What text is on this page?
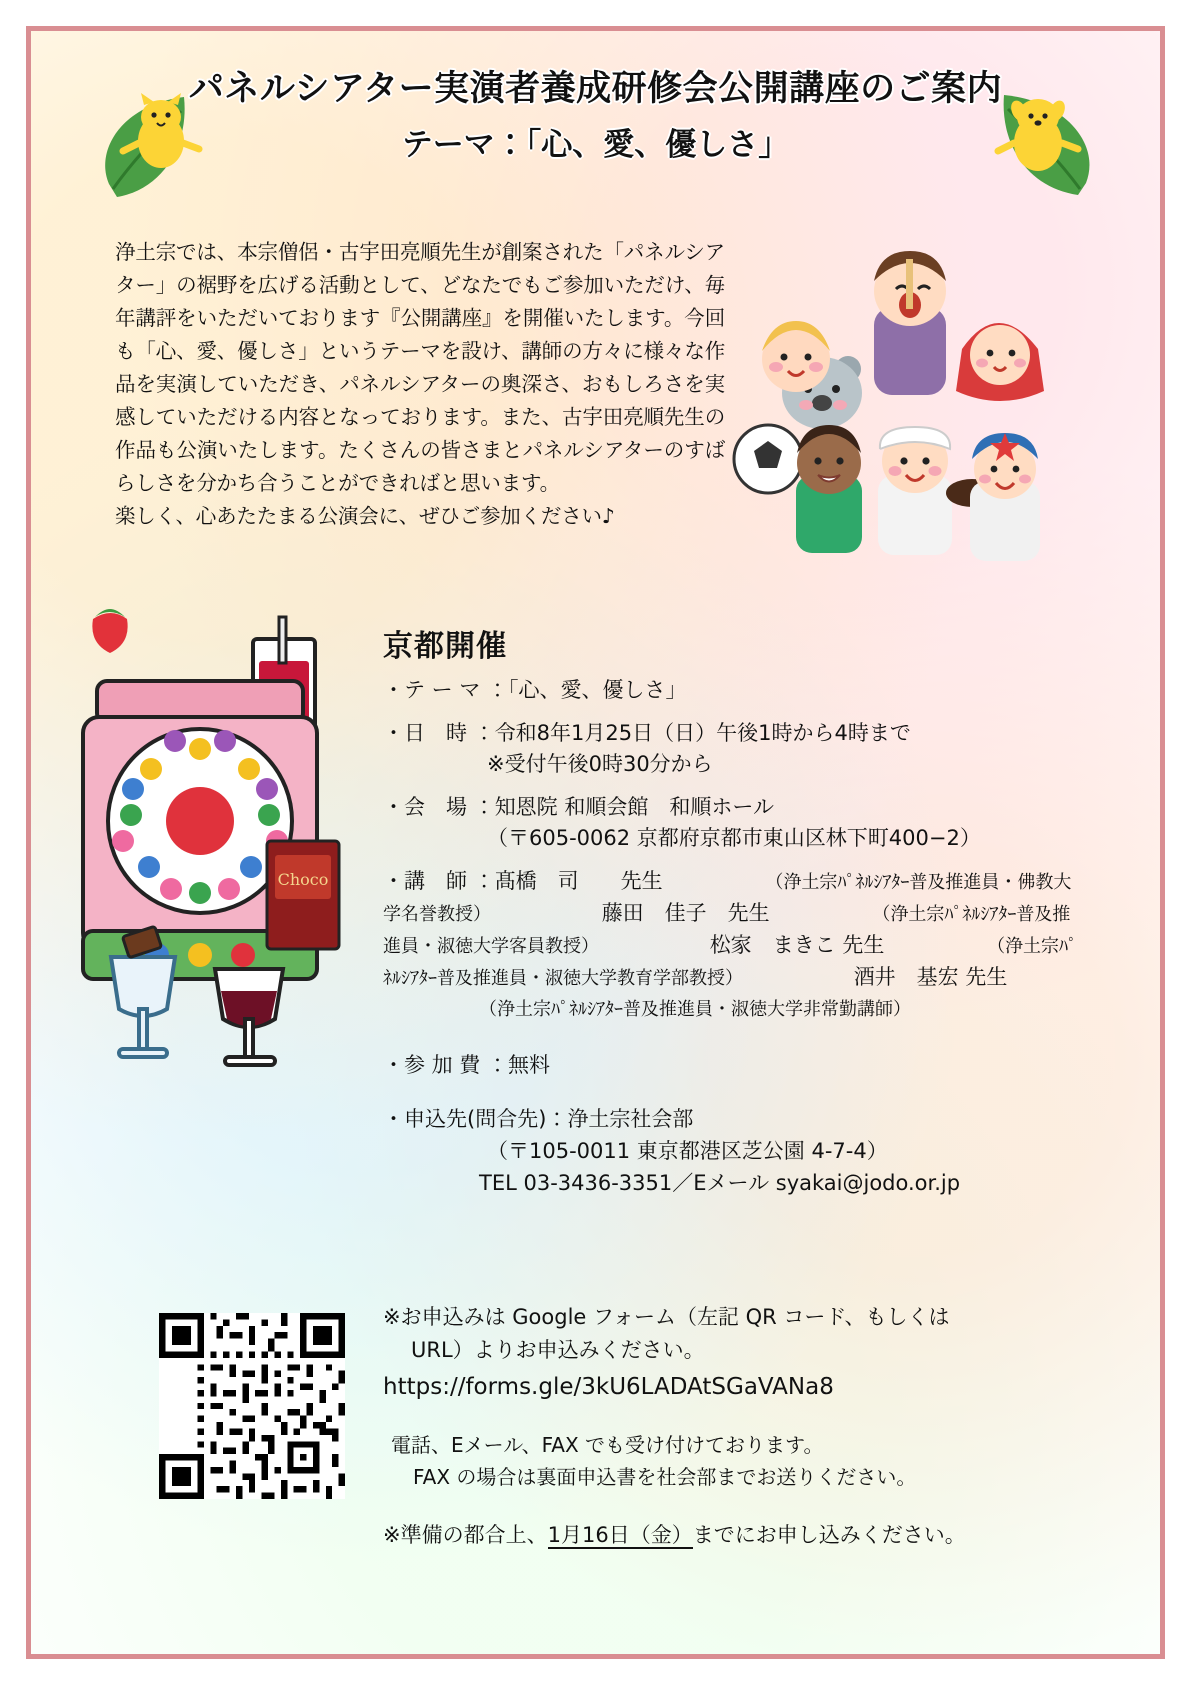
パネルシアター実演者養成研修会公開講座のご案内
テーマ：「心、愛、優しさ」

浄土宗では、本宗僧侶・古宇田亮順先生が創案された「パネルシアター」の裾野を広げる活動として、どなたでもご参加いただけ、毎年講評をいただいております『公開講座』を開催いたします。今回も「心、愛、優しさ」というテーマを設け、講師の方々に様々な作品を実演していただき、パネルシアターの奥深さ、おもしろさを実感していただける内容となっております。また、古宇田亮順先生の作品も公演いたします。たくさんの皆さまとパネルシアターのすばらしさを分かち合うことができればと思います。

楽しく、心あたたまる公演会に、ぜひご参加ください♪

Choco
京都開催
・テ ー マ ：「心、愛、優しさ」
・日　時 ：令和8年1月25日（日）午後1時から4時まで
※受付午後0時30分から
・会　場 ：知恩院 和順会館　和順ホール
（〒605-0062 京都府京都市東山区林下町400−2）
・講　師 ：髙橋　司　　先生	（浄土宗ﾊﾟﾈﾙｼｱﾀｰ普及推進員・佛教大学名誉教授）	藤田　佳子　先生	（浄土宗ﾊﾟﾈﾙｼｱﾀｰ普及推進員・淑徳大学客員教授）	松家　まきこ 先生	（浄土宗ﾊﾟﾈﾙｼｱﾀｰ普及推進員・淑徳大学教育学部教授）	酒井　基宏 先生 （浄土宗ﾊﾟﾈﾙｼｱﾀｰ普及推進員・淑徳大学非常勤講師）
・参 加 費 ：無料
・申込先(問合先)：浄土宗社会部
（〒105-0011 東京都港区芝公園 4-7-4）
TEL 03-3436-3351／Eメール syakai@jodo.or.jp
※お申込みは Google フォーム（左記 QR コード、もしくは
URL）よりお申込みください。
https://forms.gle/3kU6LADAtSGaVANa8
電話、Eメール、FAX でも受け付けております。
FAX の場合は裏面申込書を社会部までお送りください。
※準備の都合上、1月16日（金）までにお申し込みください。
